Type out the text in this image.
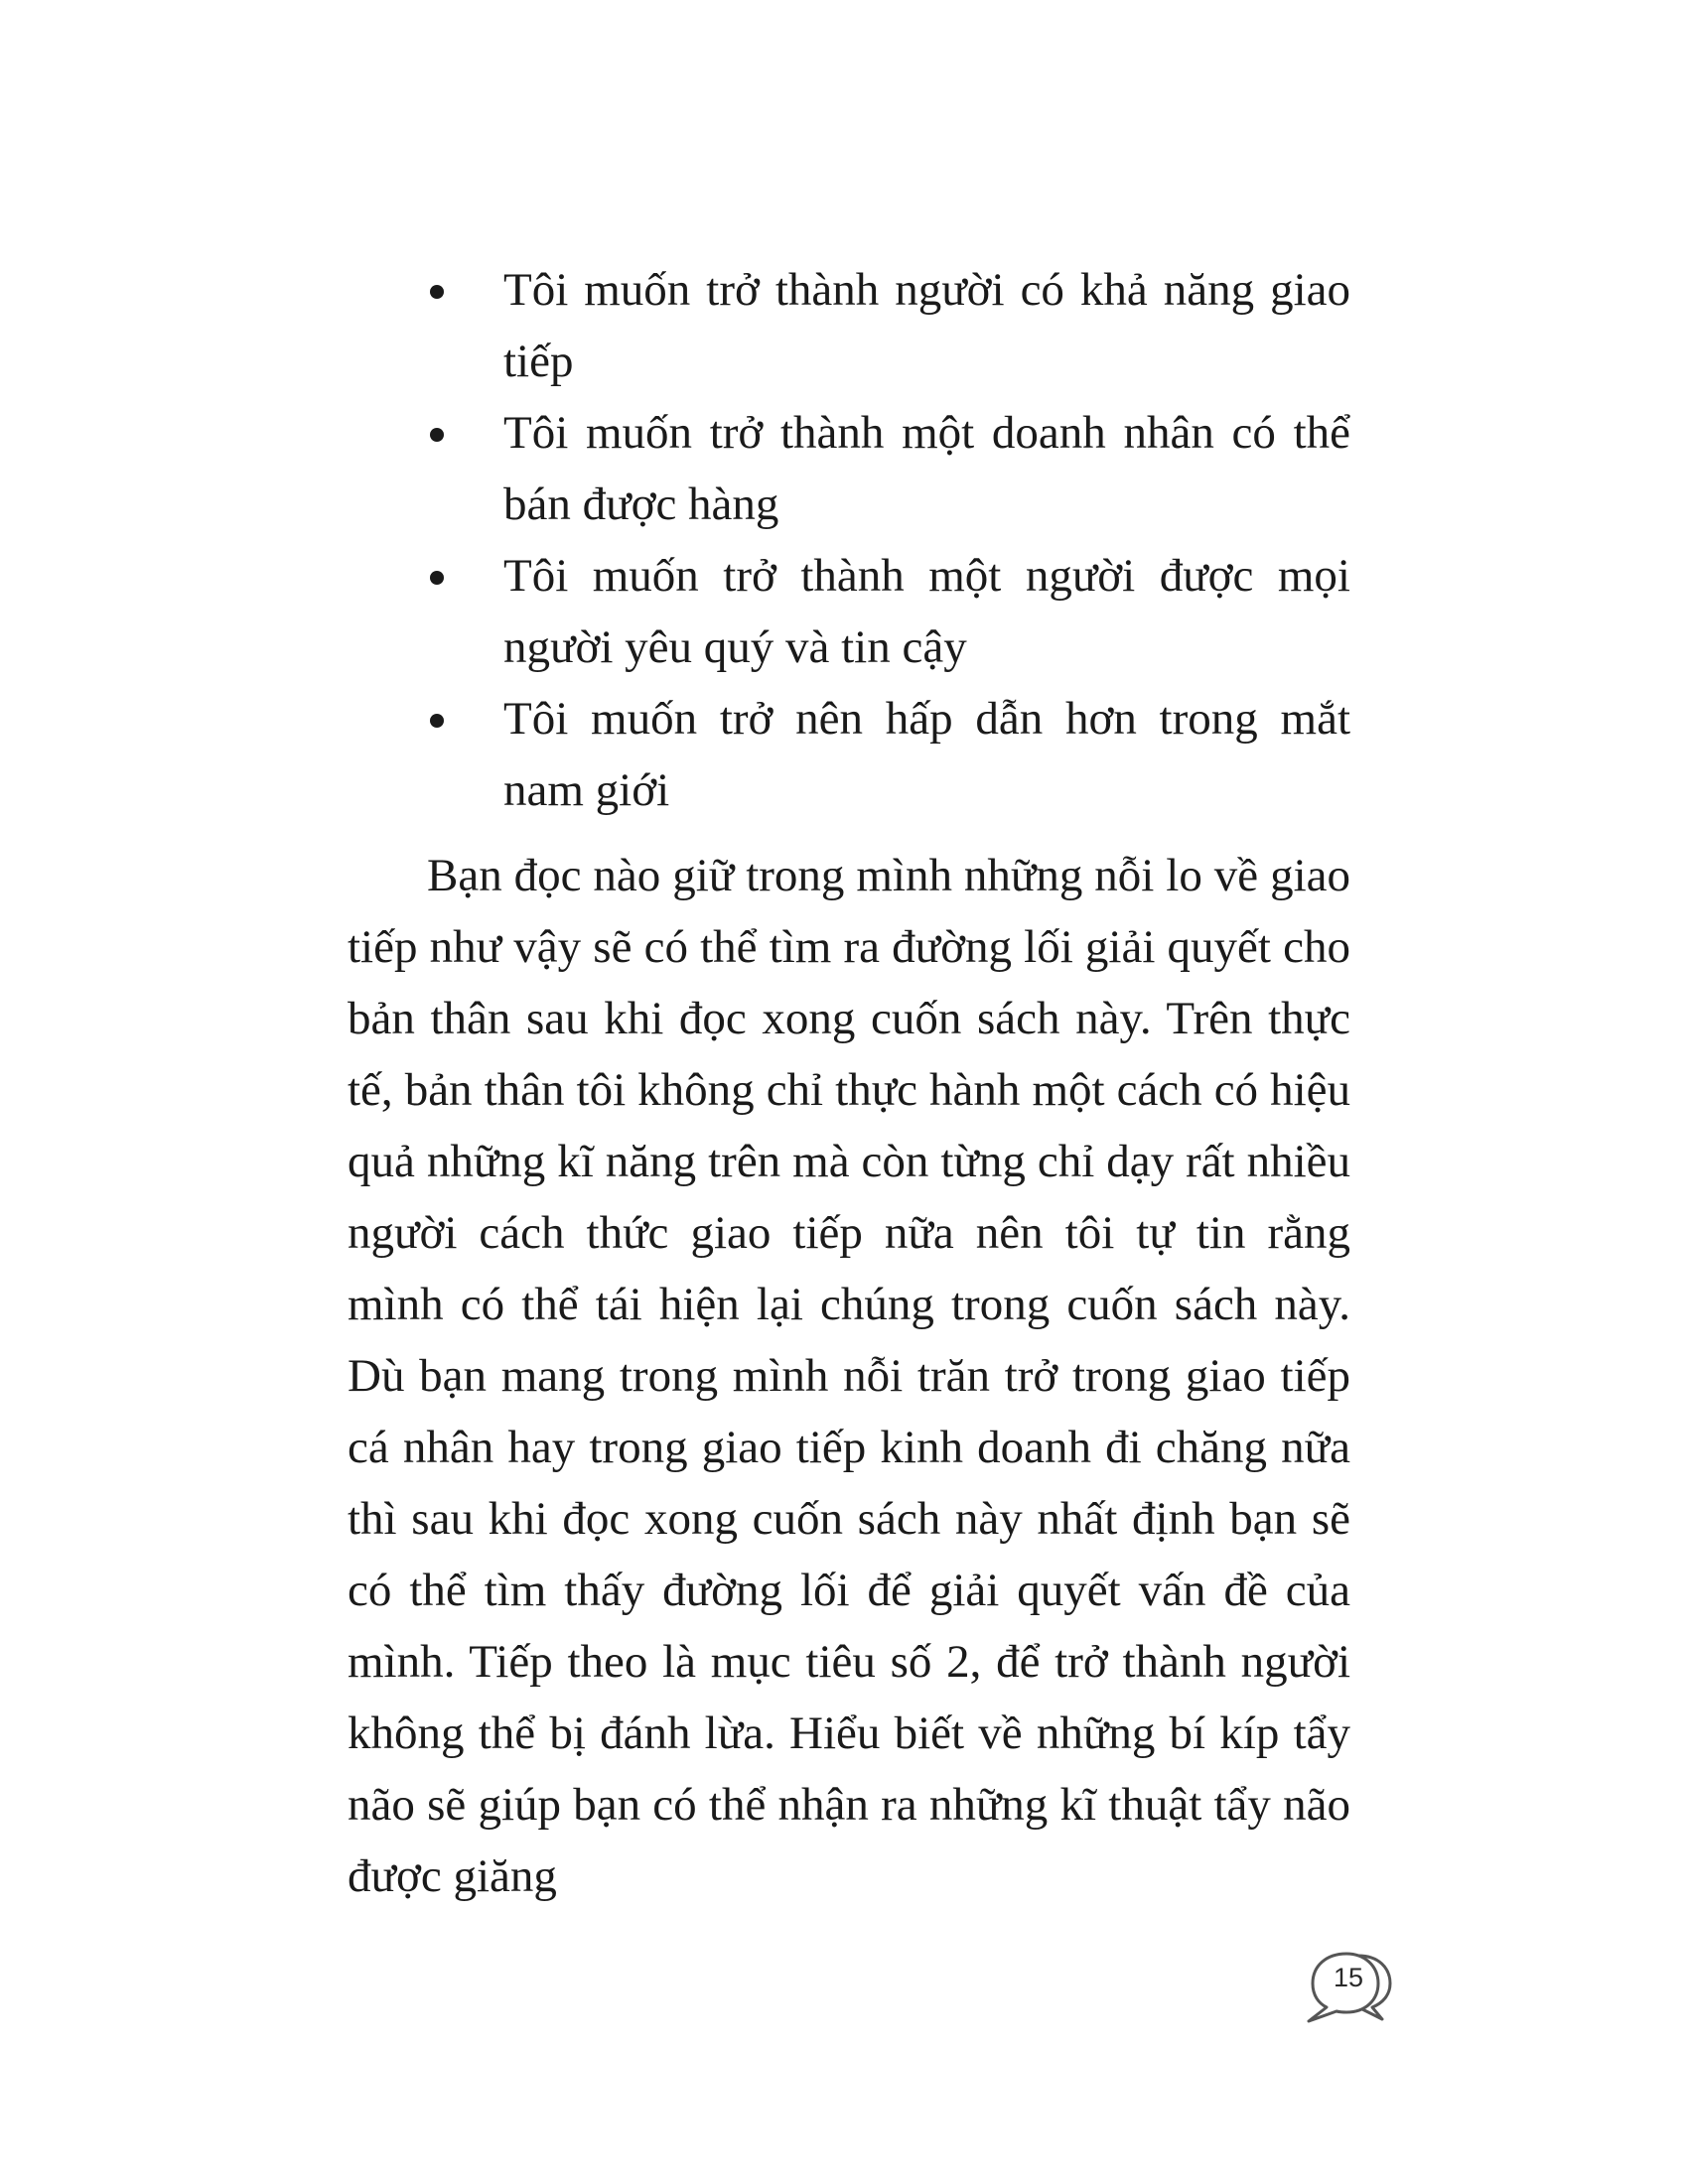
Tôi muốn trở thành người có khả năng giao tiếp
Tôi muốn trở thành một doanh nhân có thể bán được hàng
Tôi muốn trở thành một người được mọi người yêu quý và tin cậy
Tôi muốn trở nên hấp dẫn hơn trong mắt nam giới

Bạn đọc nào giữ trong mình những nỗi lo về giao tiếp như vậy sẽ có thể tìm ra đường lối giải quyết cho bản thân sau khi đọc xong cuốn sách này. Trên thực tế, bản thân tôi không chỉ thực hành một cách có hiệu quả những kĩ năng trên mà còn từng chỉ dạy rất nhiều người cách thức giao tiếp nữa nên tôi tự tin rằng mình có thể tái hiện lại chúng trong cuốn sách này. Dù bạn mang trong mình nỗi trăn trở trong giao tiếp cá nhân hay trong giao tiếp kinh doanh đi chăng nữa thì sau khi đọc xong cuốn sách này nhất định bạn sẽ có thể tìm thấy đường lối để giải quyết vấn đề của mình. Tiếp theo là mục tiêu số 2, để trở thành người không thể bị đánh lừa. Hiểu biết về những bí kíp tẩy não sẽ giúp bạn có thể nhận ra những kĩ thuật tẩy não được giăng

15
